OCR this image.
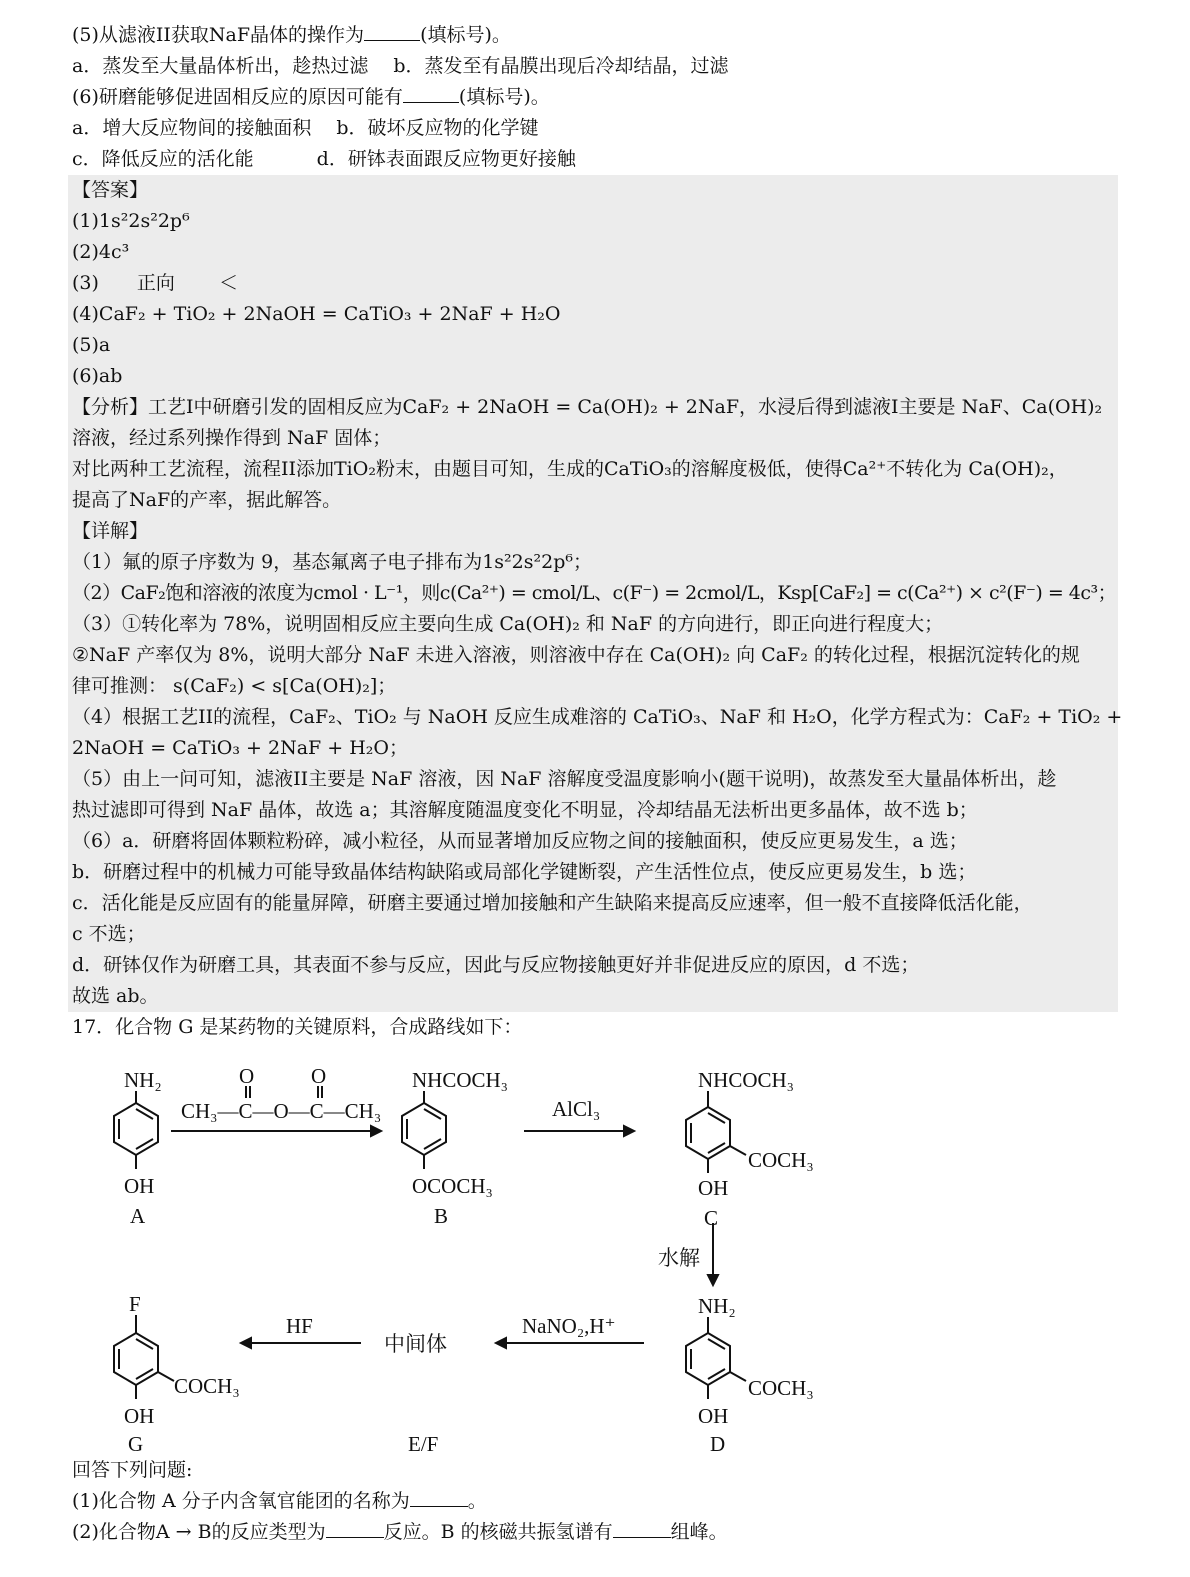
(5)从滤液II获取NaF晶体的操作为	(填标号)。
a．蒸发至大量晶体析出，趁热过滤　 b．蒸发至有晶膜出现后冷却结晶，过滤
(6)研磨能够促进固相反应的原因可能有	(填标号)。
a．增大反应物间的接触面积　 b．破坏反应物的化学键
c．降低反应的活化能　　　 d．研钵表面跟反应物更好接触
【答案】
(1)1s²2s²2p⁶
(2)4c³
(3)　　正向　　 ＜
(4)CaF₂ + TiO₂ + 2NaOH = CaTiO₃ + 2NaF + H₂O
(5)a
(6)ab
【分析】工艺I中研磨引发的固相反应为CaF₂ + 2NaOH = Ca(OH)₂ + 2NaF，水浸后得到滤液I主要是 NaF、Ca(OH)₂
溶液，经过系列操作得到 NaF 固体；
对比两种工艺流程，流程II添加TiO₂粉末，由题目可知，生成的CaTiO₃的溶解度极低，使得Ca²⁺不转化为 Ca(OH)₂，
提高了NaF的产率，据此解答。
【详解】
（1）氟的原子序数为 9，基态氟离子电子排布为1s²2s²2p⁶；
（2）CaF₂饱和溶液的浓度为cmol · L⁻¹，则c(Ca²⁺) = cmol/L、c(F⁻) = 2cmol/L，Ksp[CaF₂] = c(Ca²⁺) × c²(F⁻) = 4c³；
（3）①转化率为 78%，说明固相反应主要向生成 Ca(OH)₂ 和 NaF 的方向进行，即正向进行程度大；
②NaF 产率仅为 8%，说明大部分 NaF 未进入溶液，则溶液中存在 Ca(OH)₂ 向 CaF₂ 的转化过程，根据沉淀转化的规
律可推测： s(CaF₂) < s[Ca(OH)₂]；
（4）根据工艺II的流程，CaF₂、TiO₂ 与 NaOH 反应生成难溶的 CaTiO₃、NaF 和 H₂O，化学方程式为：CaF₂ + TiO₂ +
2NaOH = CaTiO₃ + 2NaF + H₂O；
（5）由上一问可知，滤液II主要是 NaF 溶液，因 NaF 溶解度受温度影响小(题干说明)，故蒸发至大量晶体析出，趁
热过滤即可得到 NaF 晶体，故选 a；其溶解度随温度变化不明显，冷却结晶无法析出更多晶体，故不选 b；
（6）a．研磨将固体颗粒粉碎，减小粒径，从而显著增加反应物之间的接触面积，使反应更易发生，a 选；
b．研磨过程中的机械力可能导致晶体结构缺陷或局部化学键断裂，产生活性位点，使反应更易发生，b 选；
c．活化能是反应固有的能量屏障，研磨主要通过增加接触和产生缺陷来提高反应速率，但一般不直接降低活化能，
c 不选；
d．研钵仅作为研磨工具，其表面不参与反应，因此与反应物接触更好并非促进反应的原因，d 不选；
故选 ab。
17．化合物 G 是某药物的关键原料，合成路线如下：
NH₂
OH
A
O	O
CH₃—C—O—C—CH₃
NHCOCH₃
OCOCH₃
B
AlCl₃
NHCOCH₃
COCH₃
OH
C
水解
NH₂
COCH₃
OH
D
NaNO₂,H⁺
中间体
E/F
HF
F
COCH₃
OH
G
回答下列问题:
(1)化合物 A 分子内含氧官能团的名称为	。
(2)化合物A → B的反应类型为	反应。B 的核磁共振氢谱有	组峰。
